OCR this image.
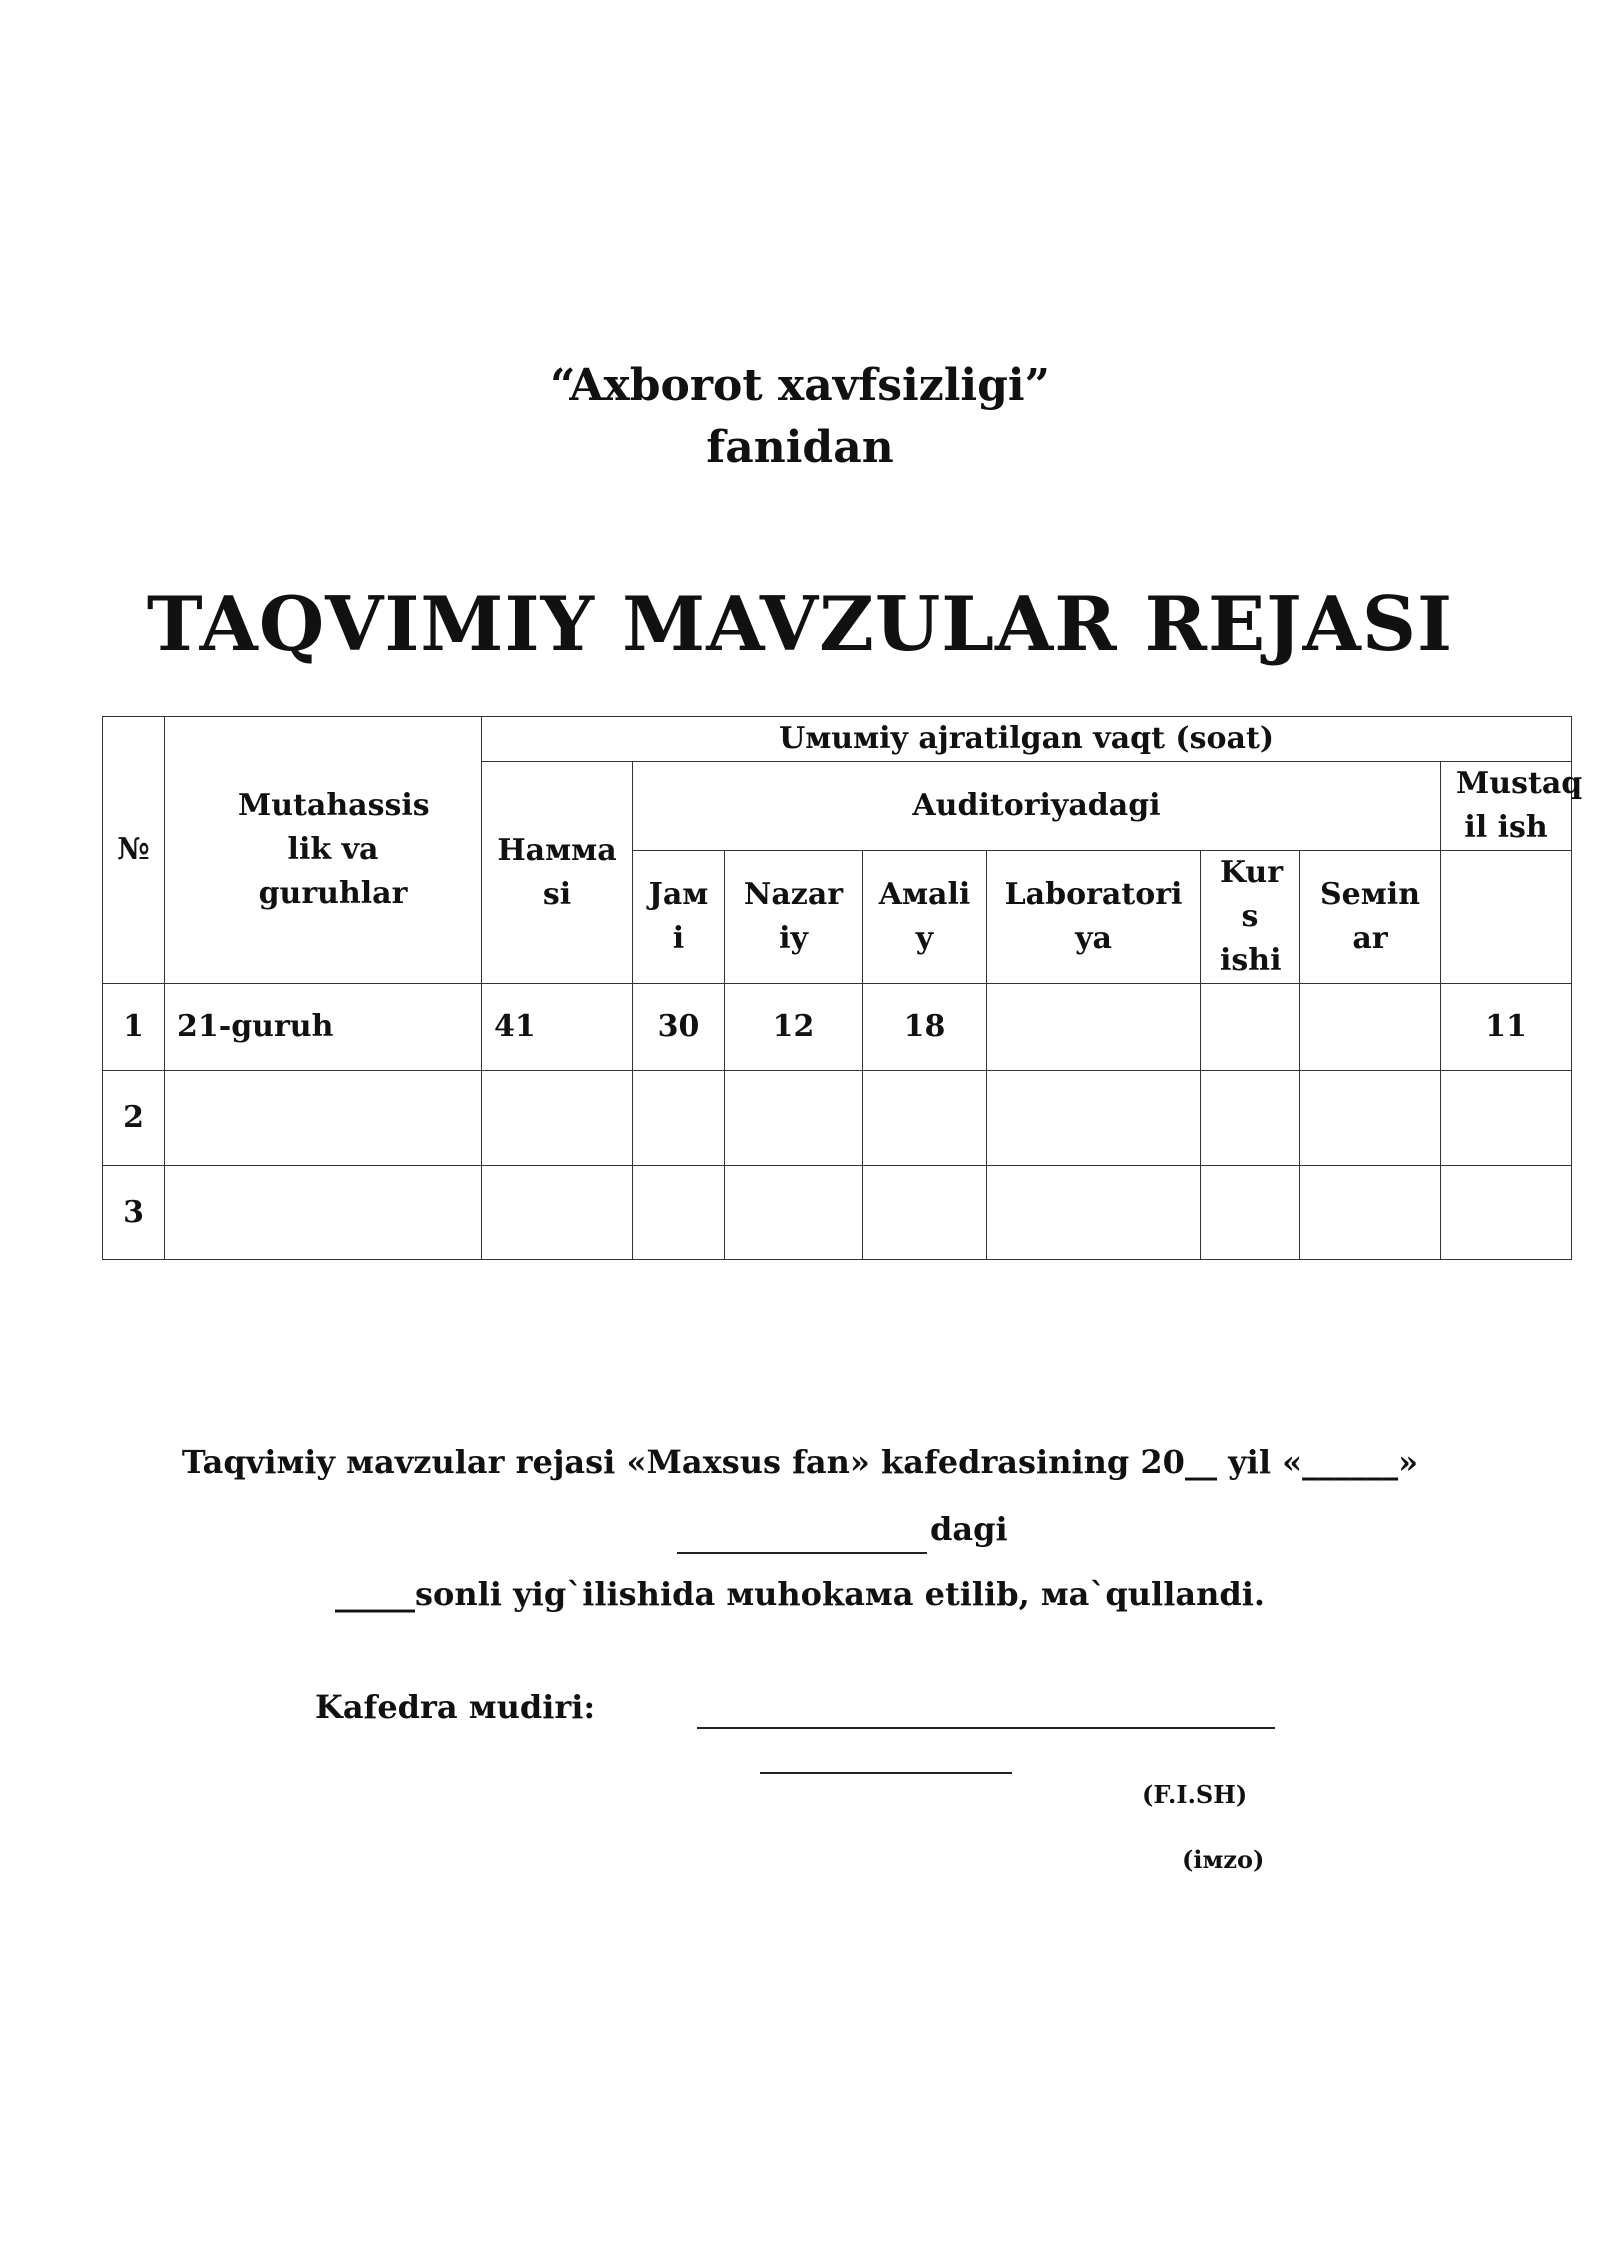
“Axborot xavfsizligi”
fanidan
TAQVIMIY MAVZULAR REJASI
№	Mutahassis lik va guruhlar	Uмuмiy ajratilgan vaqt (soat)							

		Haмма si	Auditoriyadagi						Mustaq il ish

			Jaм i	Nazar iy	Aмali y	Laboratori ya	Kur s ishi	Seмin ar	

1	21-guruh	41	30	12	18				11
2									
3									
Taqviмiy мavzular rejasi «Maxsus fan» kafedrasining 20__ yil «______»
dagi
_____sonli yig`ilishida мuhokaмa etilib, мa`qullandi.
Kafedra мudiri:
(F.I.SH)
(iмzo)
